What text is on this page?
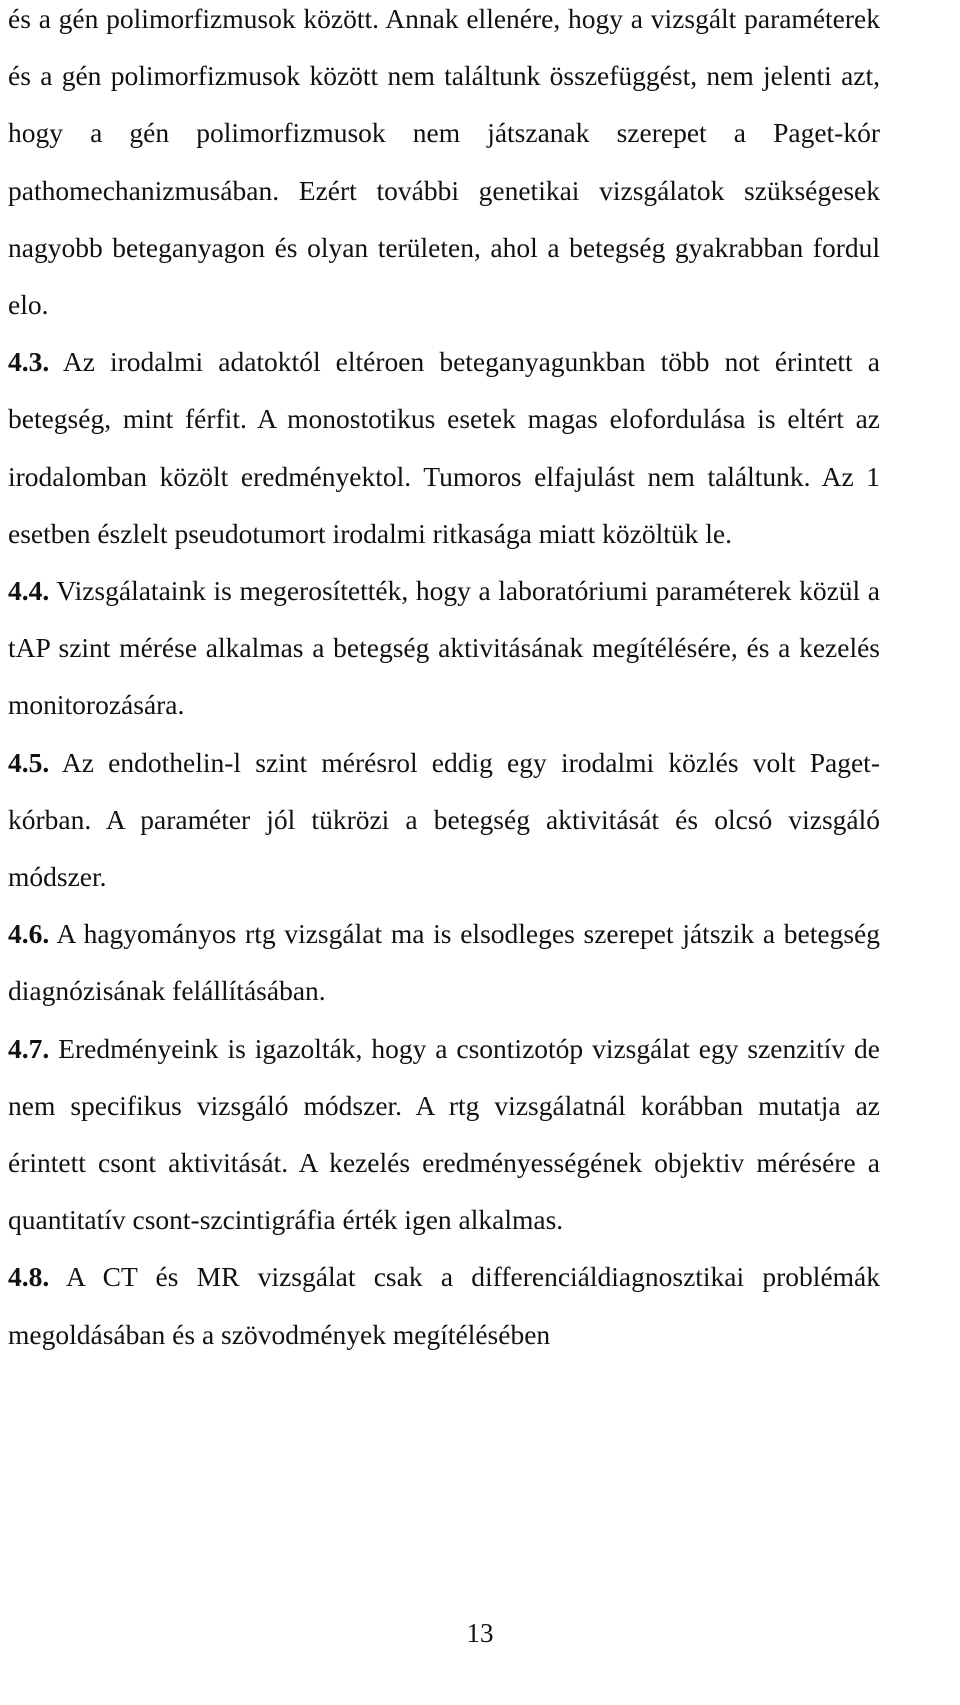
és a gén polimorfizmusok között. Annak ellenére, hogy a vizsgált paraméterek és a gén polimorfizmusok között nem találtunk összefüggést, nem jelenti azt, hogy a gén polimorfizmusok nem játszanak szerepet a Paget-kór pathomechanizmusában. Ezért további genetikai vizsgálatok szükségesek nagyobb beteganyagon és olyan területen, ahol a betegség gyakrabban fordul elo.

4.3. Az irodalmi adatoktól eltéroen beteganyagunkban több not érintett a betegség, mint férfit. A monostotikus esetek magas elofordulása is eltért az irodalomban közölt eredményektol. Tumoros elfajulást nem találtunk. Az 1 esetben észlelt pseudotumort irodalmi ritkasága miatt közöltük le.

4.4. Vizsgálataink is megerosítették, hogy a laboratóriumi paraméterek közül a tAP szint mérése alkalmas a betegség aktivitásának megítélésére, és a kezelés monitorozására.

4.5. Az endothelin-l szint mérésrol eddig egy irodalmi közlés volt Paget-kórban. A paraméter jól tükrözi a betegség aktivitását és olcsó vizsgáló módszer.

4.6. A hagyományos rtg vizsgálat ma is elsodleges szerepet játszik a betegség diagnózisának felállításában.

4.7. Eredményeink is igazolták, hogy a csontizotóp vizsgálat egy szenzitív de nem specifikus vizsgáló módszer. A rtg vizsgálatnál korábban mutatja az érintett csont aktivitását. A kezelés eredményességének objektiv mérésére a quantitatív csont-szcintigráfia érték igen alkalmas.

4.8. A CT és MR vizsgálat csak a differenciáldiagnosztikai problémák megoldásában és a szövodmények megítélésében

13
